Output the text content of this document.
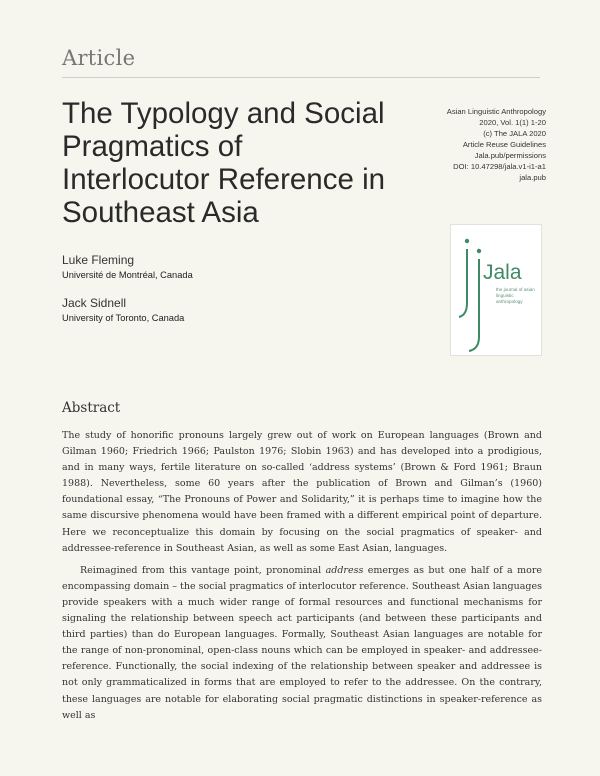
Article
The Typology and Social Pragmatics of Interlocutor Reference in Southeast Asia
Asian Linguistic Anthropology
2020, Vol. 1(1) 1-20
(c) The JALA 2020
Article Reuse Guidelines
Jala.pub/permissions
DOI: 10.47298/jala.v1-i1-a1
jala.pub
Luke Fleming
Université de Montréal, Canada
Jack Sidnell
University of Toronto, Canada
Jala
the journal of asian linguistic anthropology
Abstract

The study of honorific pronouns largely grew out of work on European languages (Brown and Gilman 1960; Friedrich 1966; Paulston 1976; Slobin 1963) and has developed into a prodigious, and in many ways, fertile literature on so-called ‘address systems’ (Brown & Ford 1961; Braun 1988). Nevertheless, some 60 years after the publication of Brown and Gilman’s (1960) foundational essay, “The Pronouns of Power and Solidarity,” it is perhaps time to imagine how the same discursive phenomena would have been framed with a different empirical point of departure. Here we reconceptualize this domain by focusing on the social pragmatics of speaker- and addressee-reference in Southeast Asian, as well as some East Asian, languages.

Reimagined from this vantage point, pronominal address emerges as but one half of a more encompassing domain – the social pragmatics of interlocutor reference. Southeast Asian languages provide speakers with a much wider range of formal resources and functional mechanisms for signaling the relationship between speech act participants (and between these participants and third parties) than do European languages. Formally, Southeast Asian languages are notable for the range of non-pronominal, open-class nouns which can be employed in speaker- and addressee-reference. Functionally, the social indexing of the relationship between speaker and addressee is not only grammaticalized in forms that are employed to refer to the addressee. On the contrary, these languages are notable for elaborating social pragmatic distinctions in speaker-reference as well as
